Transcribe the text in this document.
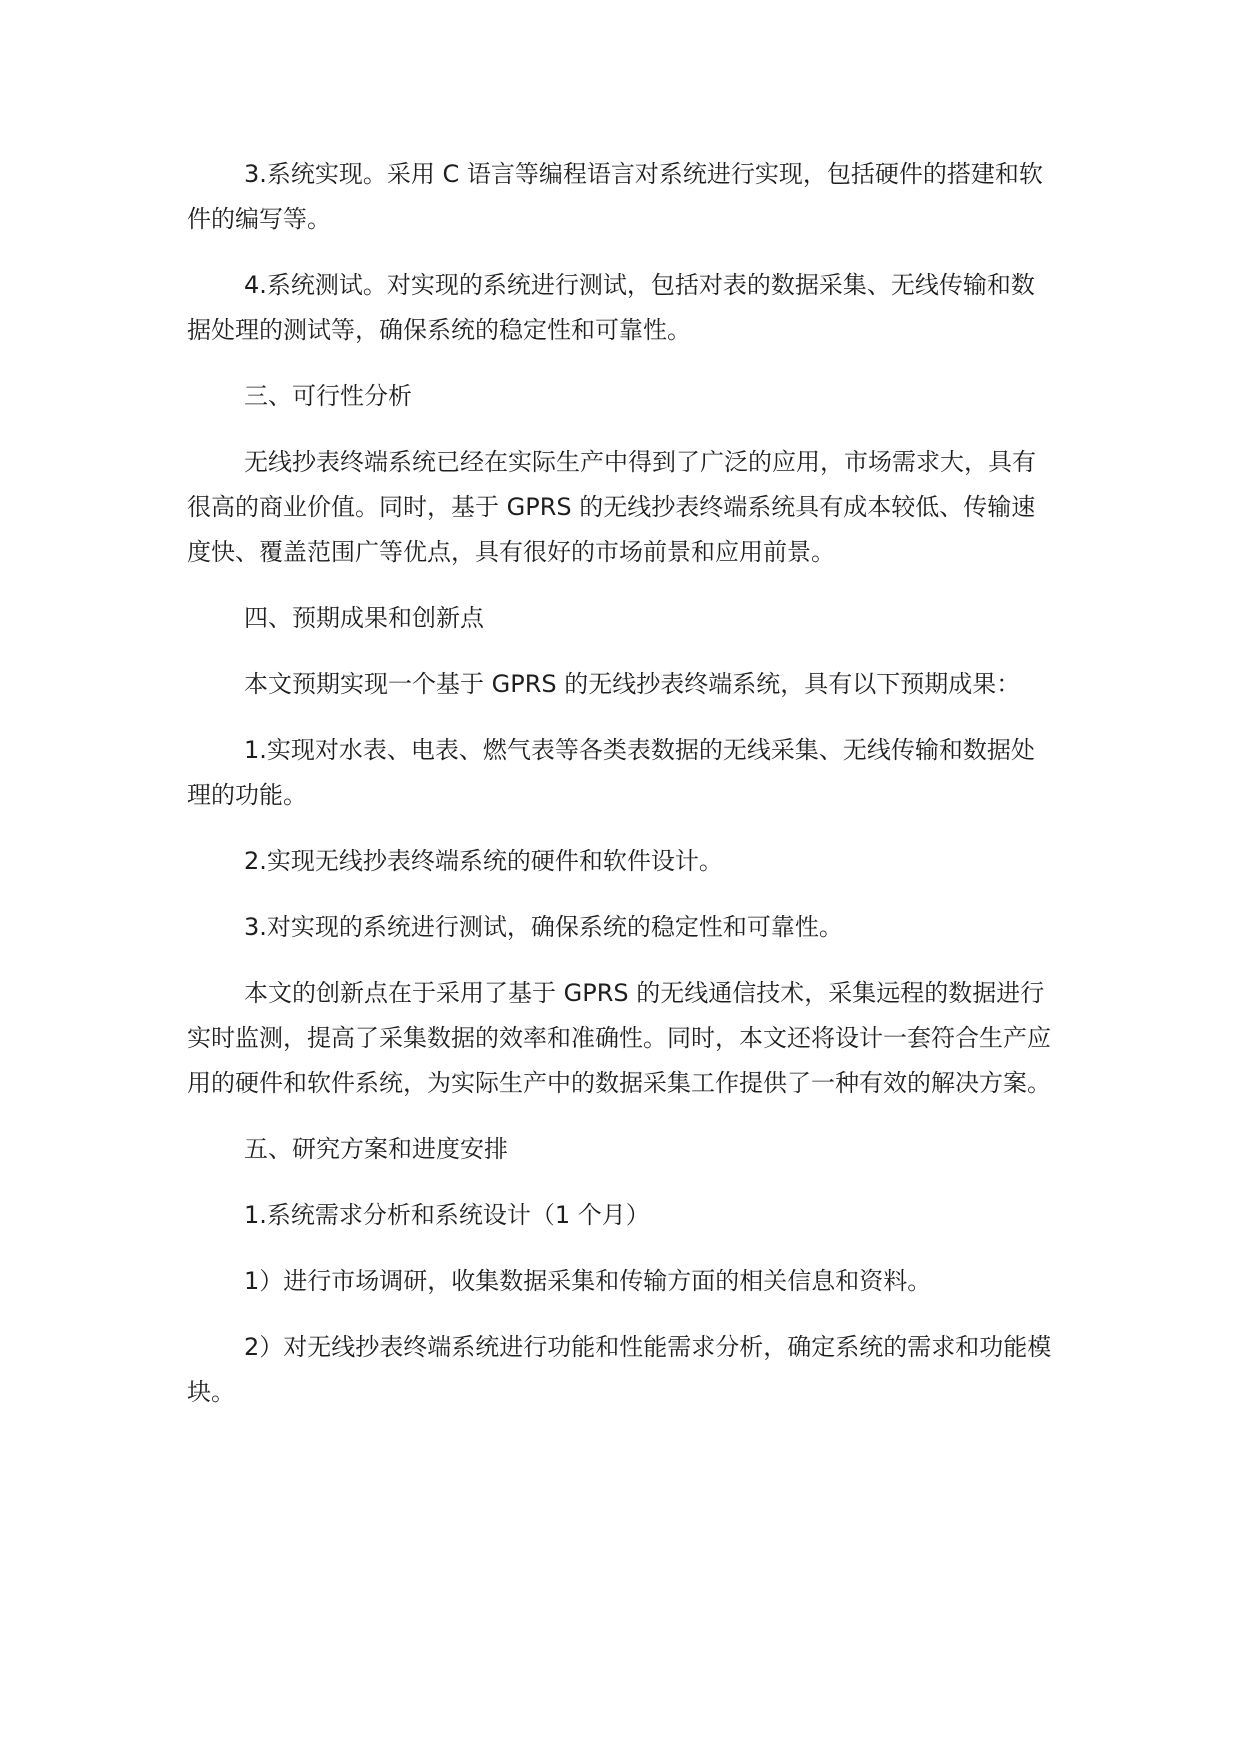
3.系统实现。采用 C 语言等编程语言对系统进行实现，包括硬件的搭建和软件的编写等。

4.系统测试。对实现的系统进行测试，包括对表的数据采集、无线传输和数据处理的测试等，确保系统的稳定性和可靠性。

三、可行性分析

无线抄表终端系统已经在实际生产中得到了广泛的应用，市场需求大，具有很高的商业价值。同时，基于 GPRS 的无线抄表终端系统具有成本较低、传输速度快、覆盖范围广等优点，具有很好的市场前景和应用前景。

四、预期成果和创新点

本文预期实现一个基于 GPRS 的无线抄表终端系统，具有以下预期成果：

1.实现对水表、电表、燃气表等各类表数据的无线采集、无线传输和数据处理的功能。

2.实现无线抄表终端系统的硬件和软件设计。

3.对实现的系统进行测试，确保系统的稳定性和可靠性。

本文的创新点在于采用了基于 GPRS 的无线通信技术，采集远程的数据进行实时监测，提高了采集数据的效率和准确性。同时，本文还将设计一套符合生产应用的硬件和软件系统，为实际生产中的数据采集工作提供了一种有效的解决方案。

五、研究方案和进度安排

1.系统需求分析和系统设计（1 个月）

1）进行市场调研，收集数据采集和传输方面的相关信息和资料。

2）对无线抄表终端系统进行功能和性能需求分析，确定系统的需求和功能模块。
